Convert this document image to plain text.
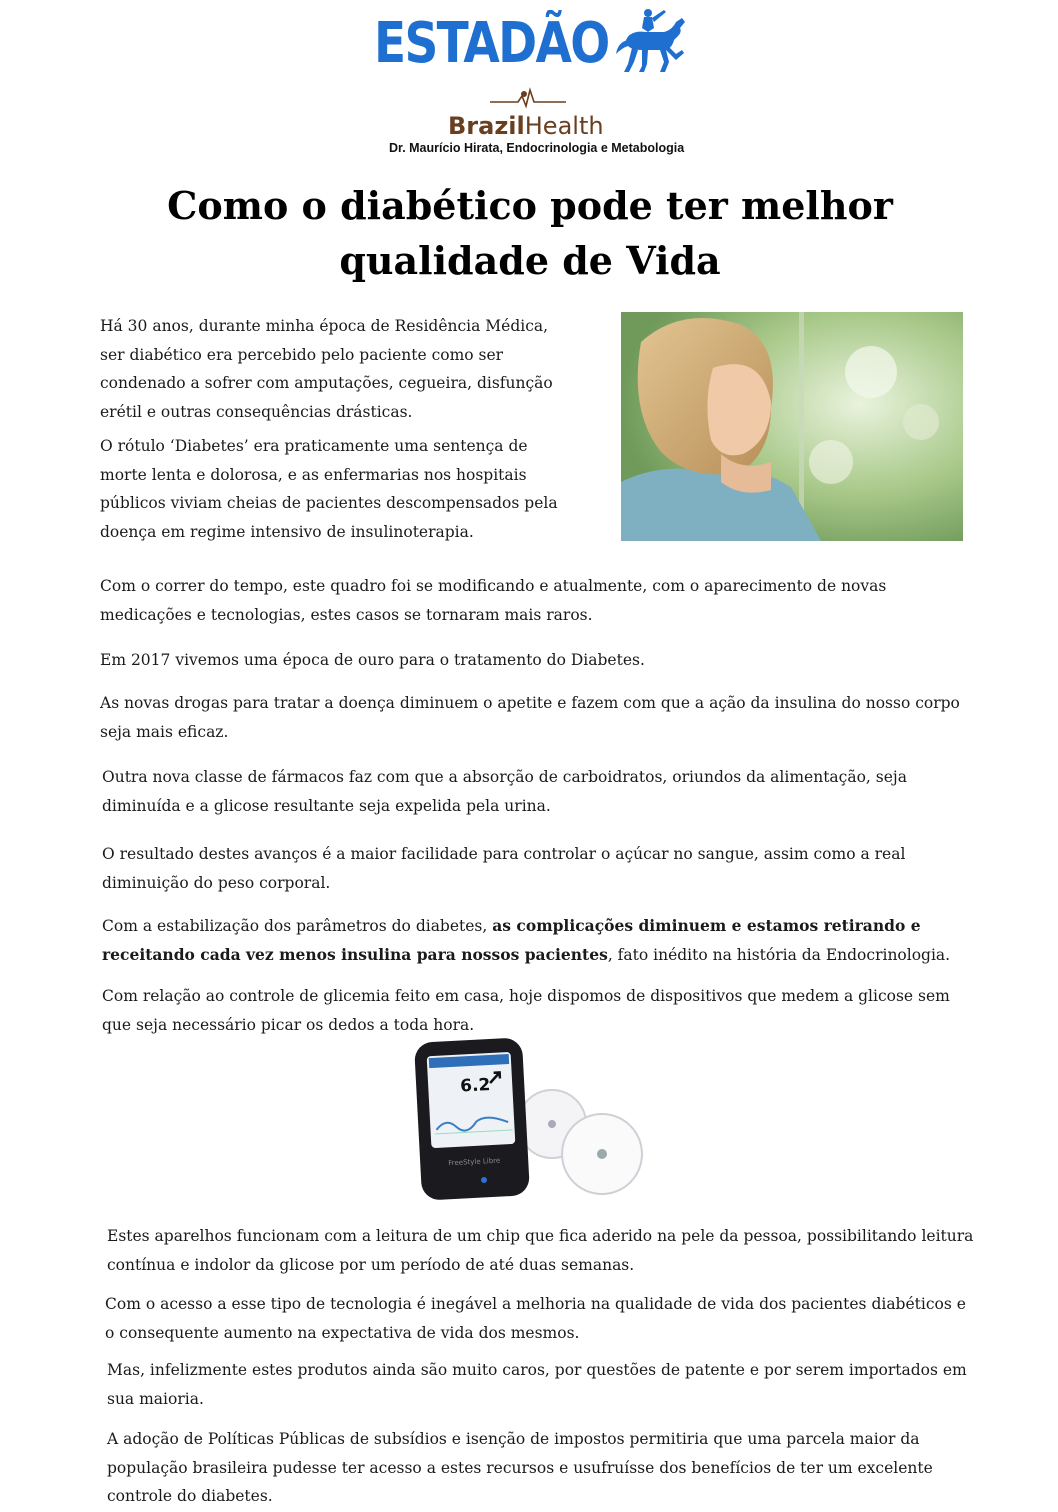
ESTADÃO
BrazilHealth
Dr. Maurício Hirata, Endocrinologia e Metabologia
Como o diabético pode ter melhor qualidade de Vida

Há 30 anos, durante minha época de Residência Médica, ser diabético era percebido pelo paciente como ser condenado a sofrer com amputações, cegueira, disfunção erétil e outras consequências drásticas.

O rótulo ‘Diabetes’ era praticamente uma sentença de morte lenta e dolorosa, e as enfermarias nos hospitais públicos viviam cheias de pacientes descompensados pela doença em regime intensivo de insulinoterapia.

Com o correr do tempo, este quadro foi se modificando e atualmente, com o aparecimento de novas medicações e tecnologias, estes casos se tornaram mais raros.

Em 2017 vivemos uma época de ouro para o tratamento do Diabetes.

As novas drogas para tratar a doença diminuem o apetite e fazem com que a ação da insulina do nosso corpo seja mais eficaz.

Outra nova classe de fármacos faz com que a absorção de carboidratos, oriundos da alimentação, seja diminuída e a glicose resultante seja expelida pela urina.

O resultado destes avanços é a maior facilidade para controlar o açúcar no sangue, assim como a real diminuição do peso corporal.

Com a estabilização dos parâmetros do diabetes, as complicações diminuem e estamos retirando e receitando cada vez menos insulina para nossos pacientes, fato inédito na história da Endocrinologia.

Com relação ao controle de glicemia feito em casa, hoje dispomos de dispositivos que medem a glicose sem que seja necessário picar os dedos a toda hora.

6.2
FreeStyle Libre

Estes aparelhos funcionam com a leitura de um chip que fica aderido na pele da pessoa, possibilitando leitura contínua e indolor da glicose por um período de até duas semanas.

Com o acesso a esse tipo de tecnologia é inegável a melhoria na qualidade de vida dos pacientes diabéticos e o consequente aumento na expectativa de vida dos mesmos.

Mas, infelizmente estes produtos ainda são muito caros, por questões de patente e por serem importados em sua maioria.

A adoção de Políticas Públicas de subsídios e isenção de impostos permitiria que uma parcela maior da população brasileira pudesse ter acesso a estes recursos e usufruísse dos benefícios de ter um excelente controle do diabetes.
